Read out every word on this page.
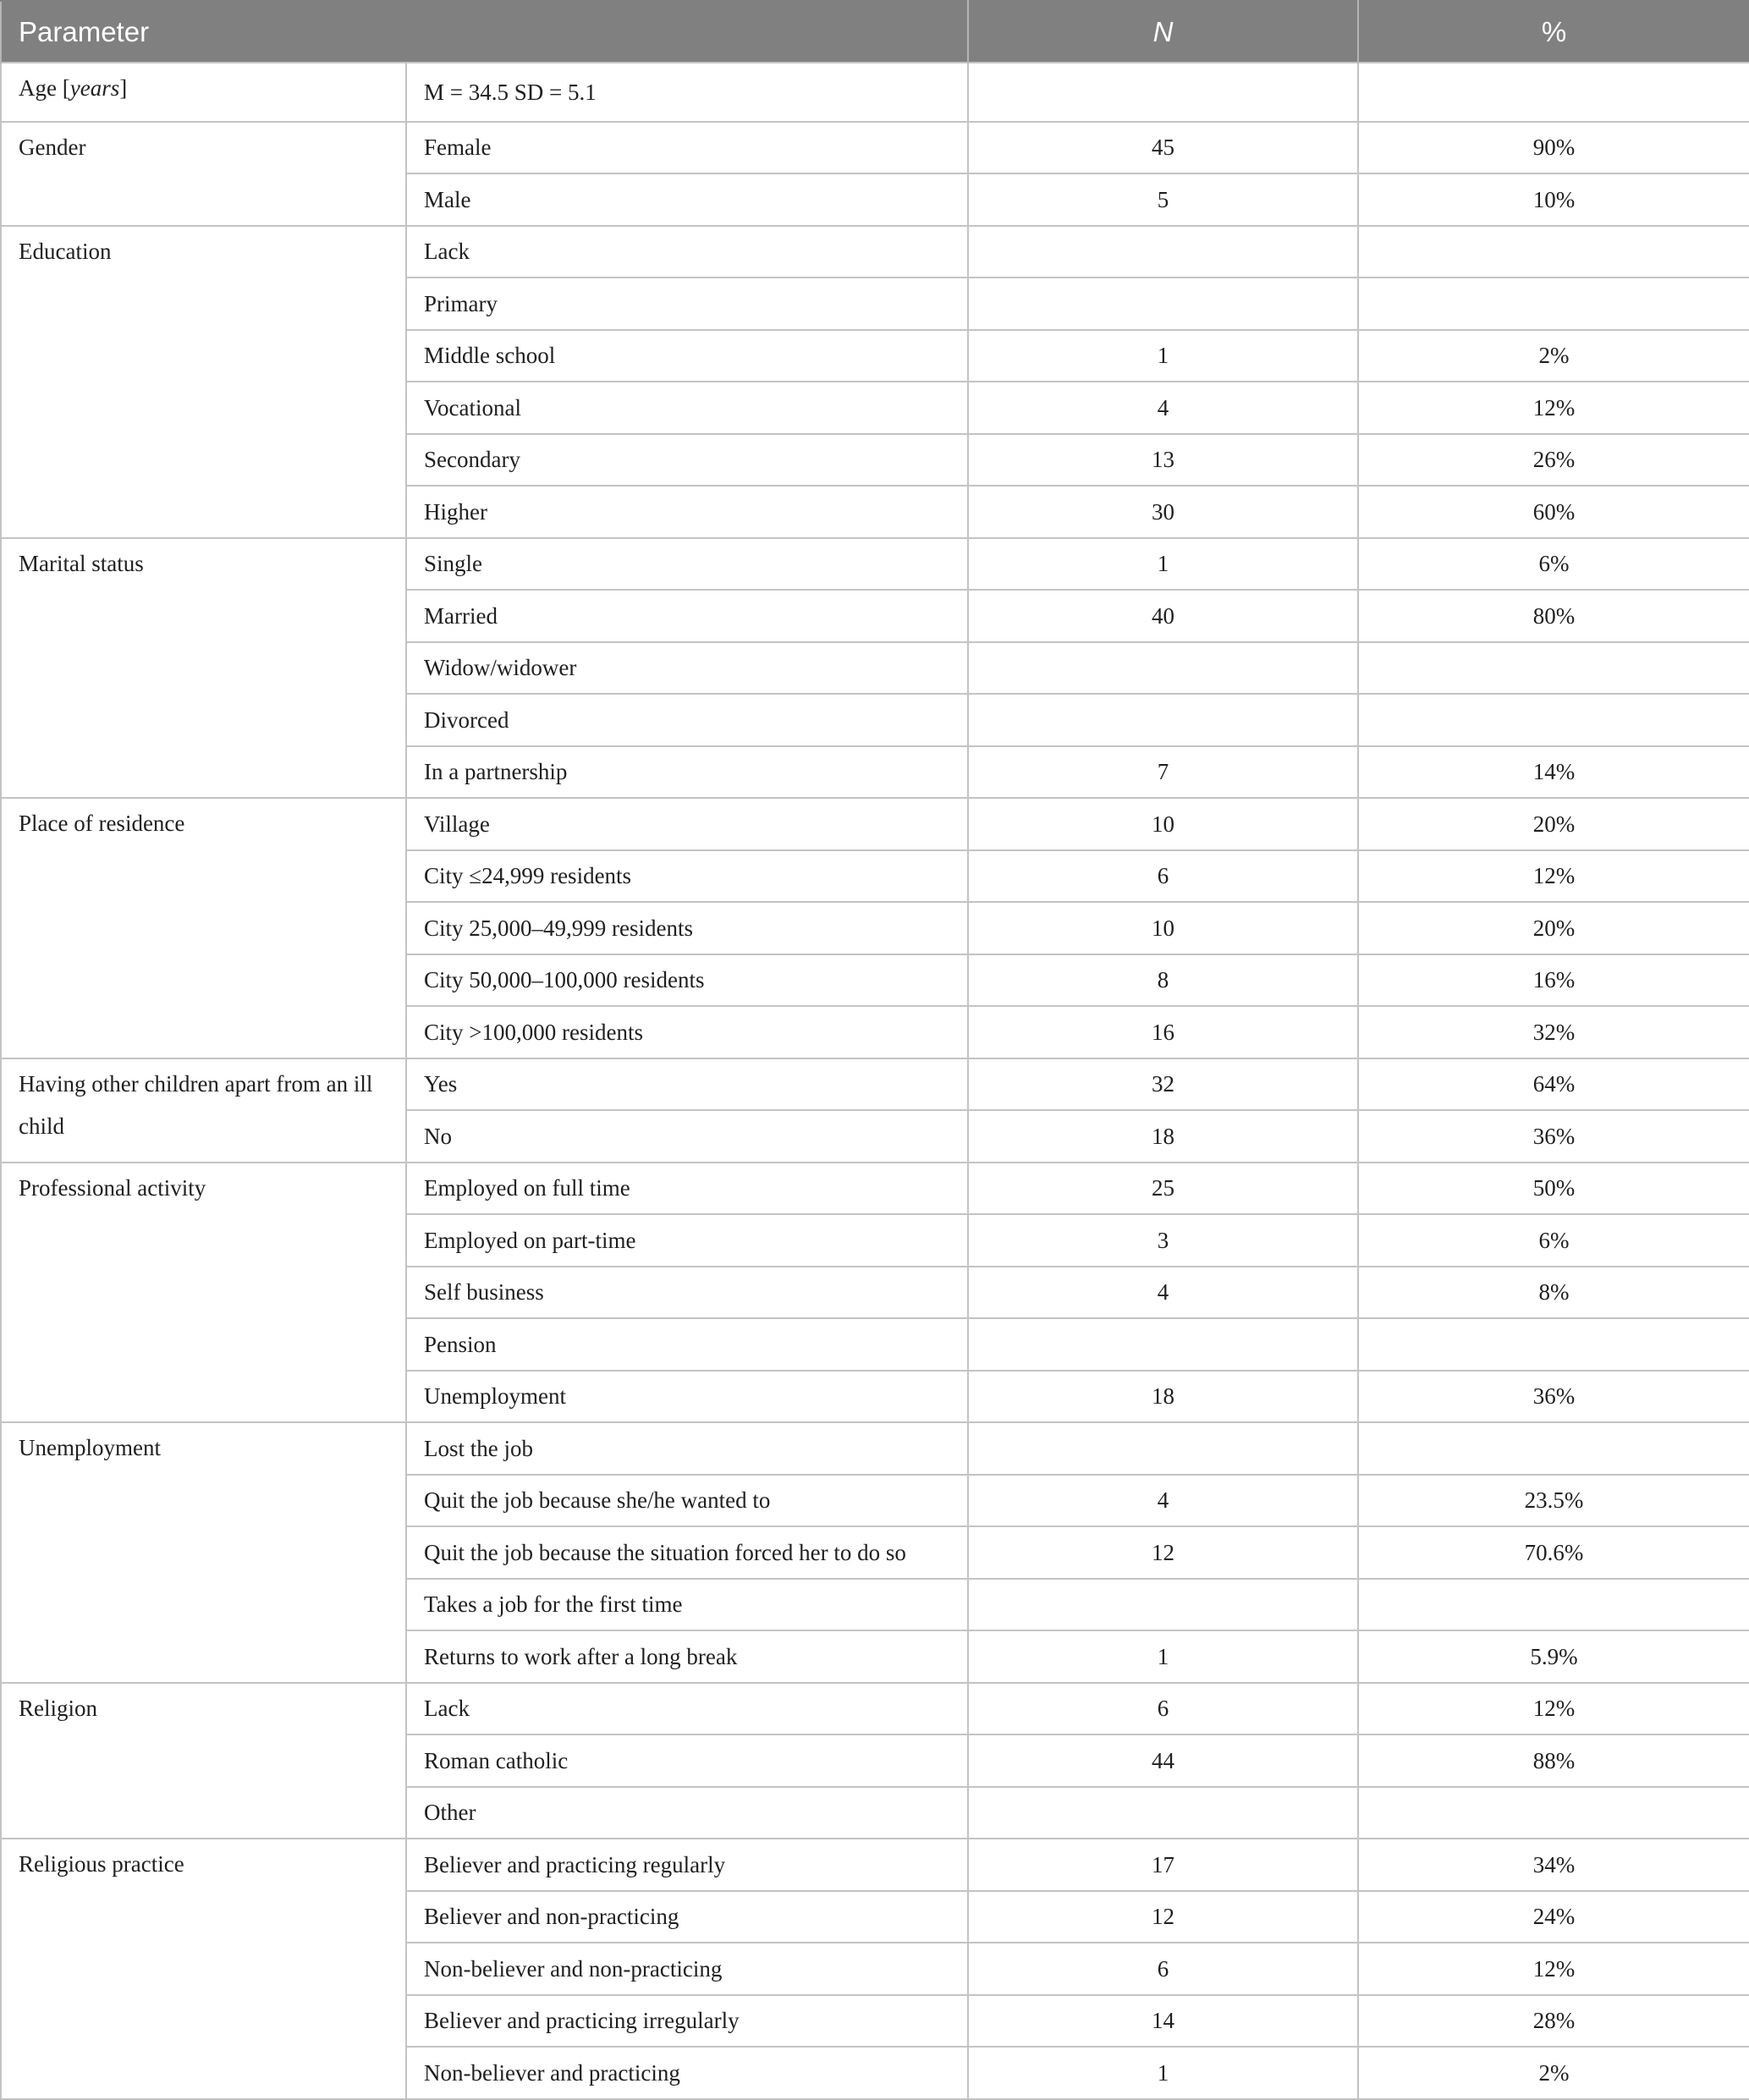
Parameter		N	%
Age [years]	M = 34.5 SD = 5.1		
Gender	Female	45	90%
	Male	5	10%
Education	Lack		
	Primary		
	Middle school	1	2%
	Vocational	4	12%
	Secondary	13	26%
	Higher	30	60%
Marital status	Single	1	6%
	Married	40	80%
	Widow/widower		
	Divorced		
	In a partnership	7	14%
Place of residence	Village	10	20%
	City ≤24,999 residents	6	12%
	City 25,000–49,999 residents	10	20%
	City 50,000–100,000 residents	8	16%
	City >100,000 residents	16	32%
Having other children apart from an ill child	Yes	32	64%
	No	18	36%
Professional activity	Employed on full time	25	50%
	Employed on part-time	3	6%
	Self business	4	8%
	Pension		
	Unemployment	18	36%
Unemployment	Lost the job		
	Quit the job because she/he wanted to	4	23.5%
	Quit the job because the situation forced her to do so	12	70.6%
	Takes a job for the first time		
	Returns to work after a long break	1	5.9%
Religion	Lack	6	12%
	Roman catholic	44	88%
	Other		
Religious practice	Believer and practicing regularly	17	34%
	Believer and non-practicing	12	24%
	Non-believer and non-practicing	6	12%
	Believer and practicing irregularly	14	28%
	Non-believer and practicing	1	2%
